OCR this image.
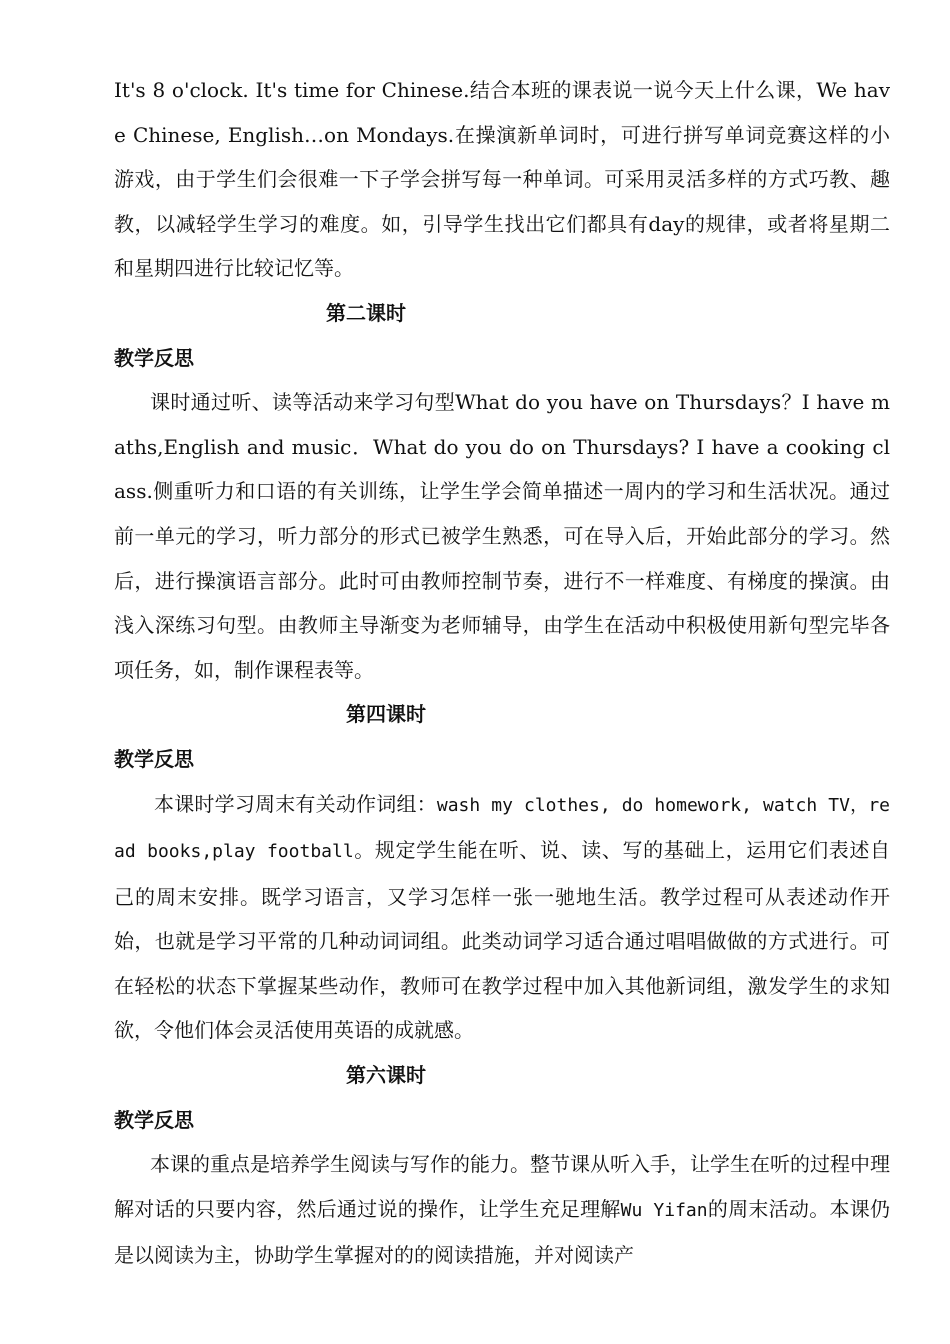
It's 8 o'clock. It's time for Chinese.结合本班的课表说一说今天上什么课，We have Chinese, English…on Mondays.在操演新单词时，可进行拼写单词竞赛这样的小游戏，由于学生们会很难一下子学会拼写每一种单词。可采用灵活多样的方式巧教、趣教，以减轻学生学习的难度。如，引导学生找出它们都具有day的规律，或者将星期二和星期四进行比较记忆等。

第二课时

教学反思

课时通过听、读等活动来学习句型What do you have on Thursdays？I have maths,English and music．What do you do on Thursdays? I have a cooking class.侧重听力和口语的有关训练，让学生学会简单描述一周内的学习和生活状况。通过前一单元的学习，听力部分的形式已被学生熟悉，可在导入后，开始此部分的学习。然后，进行操演语言部分。此时可由教师控制节奏，进行不一样难度、有梯度的操演。由浅入深练习句型。由教师主导渐变为老师辅导，由学生在活动中积极使用新句型完毕各项任务，如，制作课程表等。

第四课时

教学反思

本课时学习周末有关动作词组：wash my clothes, do homework, watch TV，read books,play football。规定学生能在听、说、读、写的基础上，运用它们表述自己的周末安排。既学习语言，又学习怎样一张一驰地生活。教学过程可从表述动作开始，也就是学习平常的几种动词词组。此类动词学习适合通过唱唱做做的方式进行。可在轻松的状态下掌握某些动作，教师可在教学过程中加入其他新词组，激发学生的求知欲，令他们体会灵活使用英语的成就感。

第六课时

教学反思

本课的重点是培养学生阅读与写作的能力。整节课从听入手，让学生在听的过程中理解对话的只要内容，然后通过说的操作，让学生充足理解Wu Yifan的周末活动。本课仍是以阅读为主，协助学生掌握对的的阅读措施，并对阅读产
